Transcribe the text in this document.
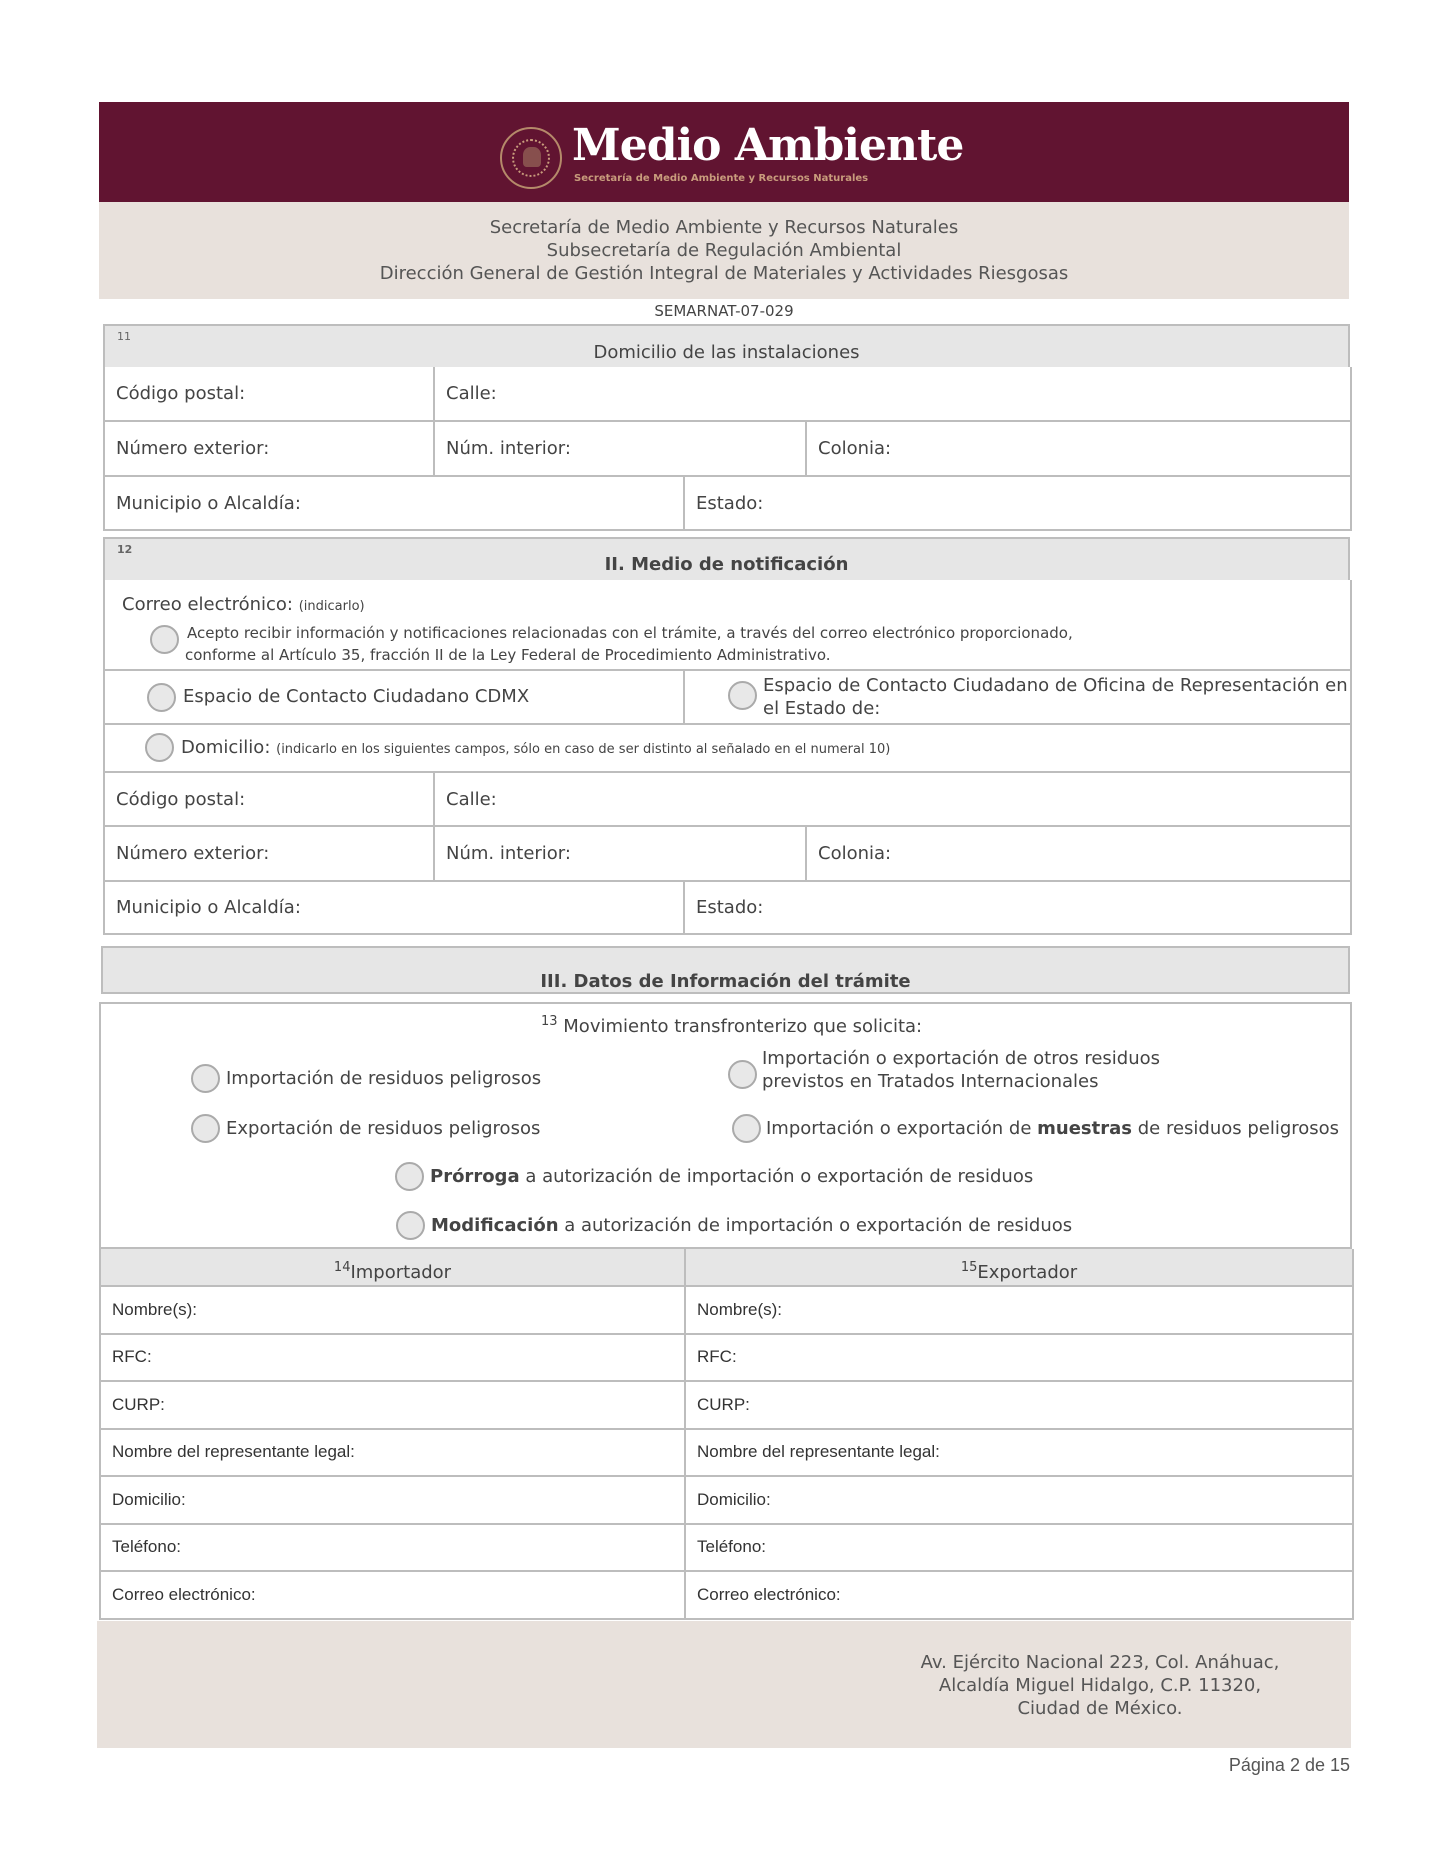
Medio Ambiente
Secretaría de Medio Ambiente y Recursos Naturales
Secretaría de Medio Ambiente y Recursos Naturales
Subsecretaría de Regulación Ambiental
Dirección General de Gestión Integral de Materiales y Actividades Riesgosas
SEMARNAT-07-029
11
Domicilio de las instalaciones
Código postal:	Calle:
Número exterior:	Núm. interior:	Colonia:
Municipio o Alcaldía:	Estado:
12
II. Medio de notificación
Correo electrónico: (indicarlo)
Acepto recibir información y notificaciones relacionadas con el trámite, a través del correo electrónico proporcionado,
conforme al Artículo 35, fracción II de la Ley Federal de Procedimiento Administrativo.
Espacio de Contacto Ciudadano CDMX
Espacio de Contacto Ciudadano de Oficina de Representación en
el Estado de:
Domicilio: (indicarlo en los siguientes campos, sólo en caso de ser distinto al señalado en el numeral 10)
Código postal:	Calle:
Número exterior:	Núm. interior:	Colonia:
Municipio o Alcaldía:	Estado:
III. Datos de Información del trámite
$^{13}$ Movimiento transfronterizo que solicita:
Importación de residuos peligrosos
Importación o exportación de otros residuos
previstos en Tratados Internacionales
Exportación de residuos peligrosos	Importación o exportación de muestras de residuos peligrosos
Prórroga a autorización de importación o exportación de residuos
Modificación a autorización de importación o exportación de residuos
$^{14}$Importador	$^{15}$Exportador
Nombre(s):	Nombre(s):
RFC:	RFC:
CURP:	CURP:
Nombre del representante legal:	Nombre del representante legal:
Domicilio:	Domicilio:
Teléfono:	Teléfono:
Correo electrónico:	Correo electrónico:
Av. Ejército Nacional 223, Col. Anáhuac,
Alcaldía Miguel Hidalgo, C.P. 11320,
Ciudad de México.
Página 2 de 15
